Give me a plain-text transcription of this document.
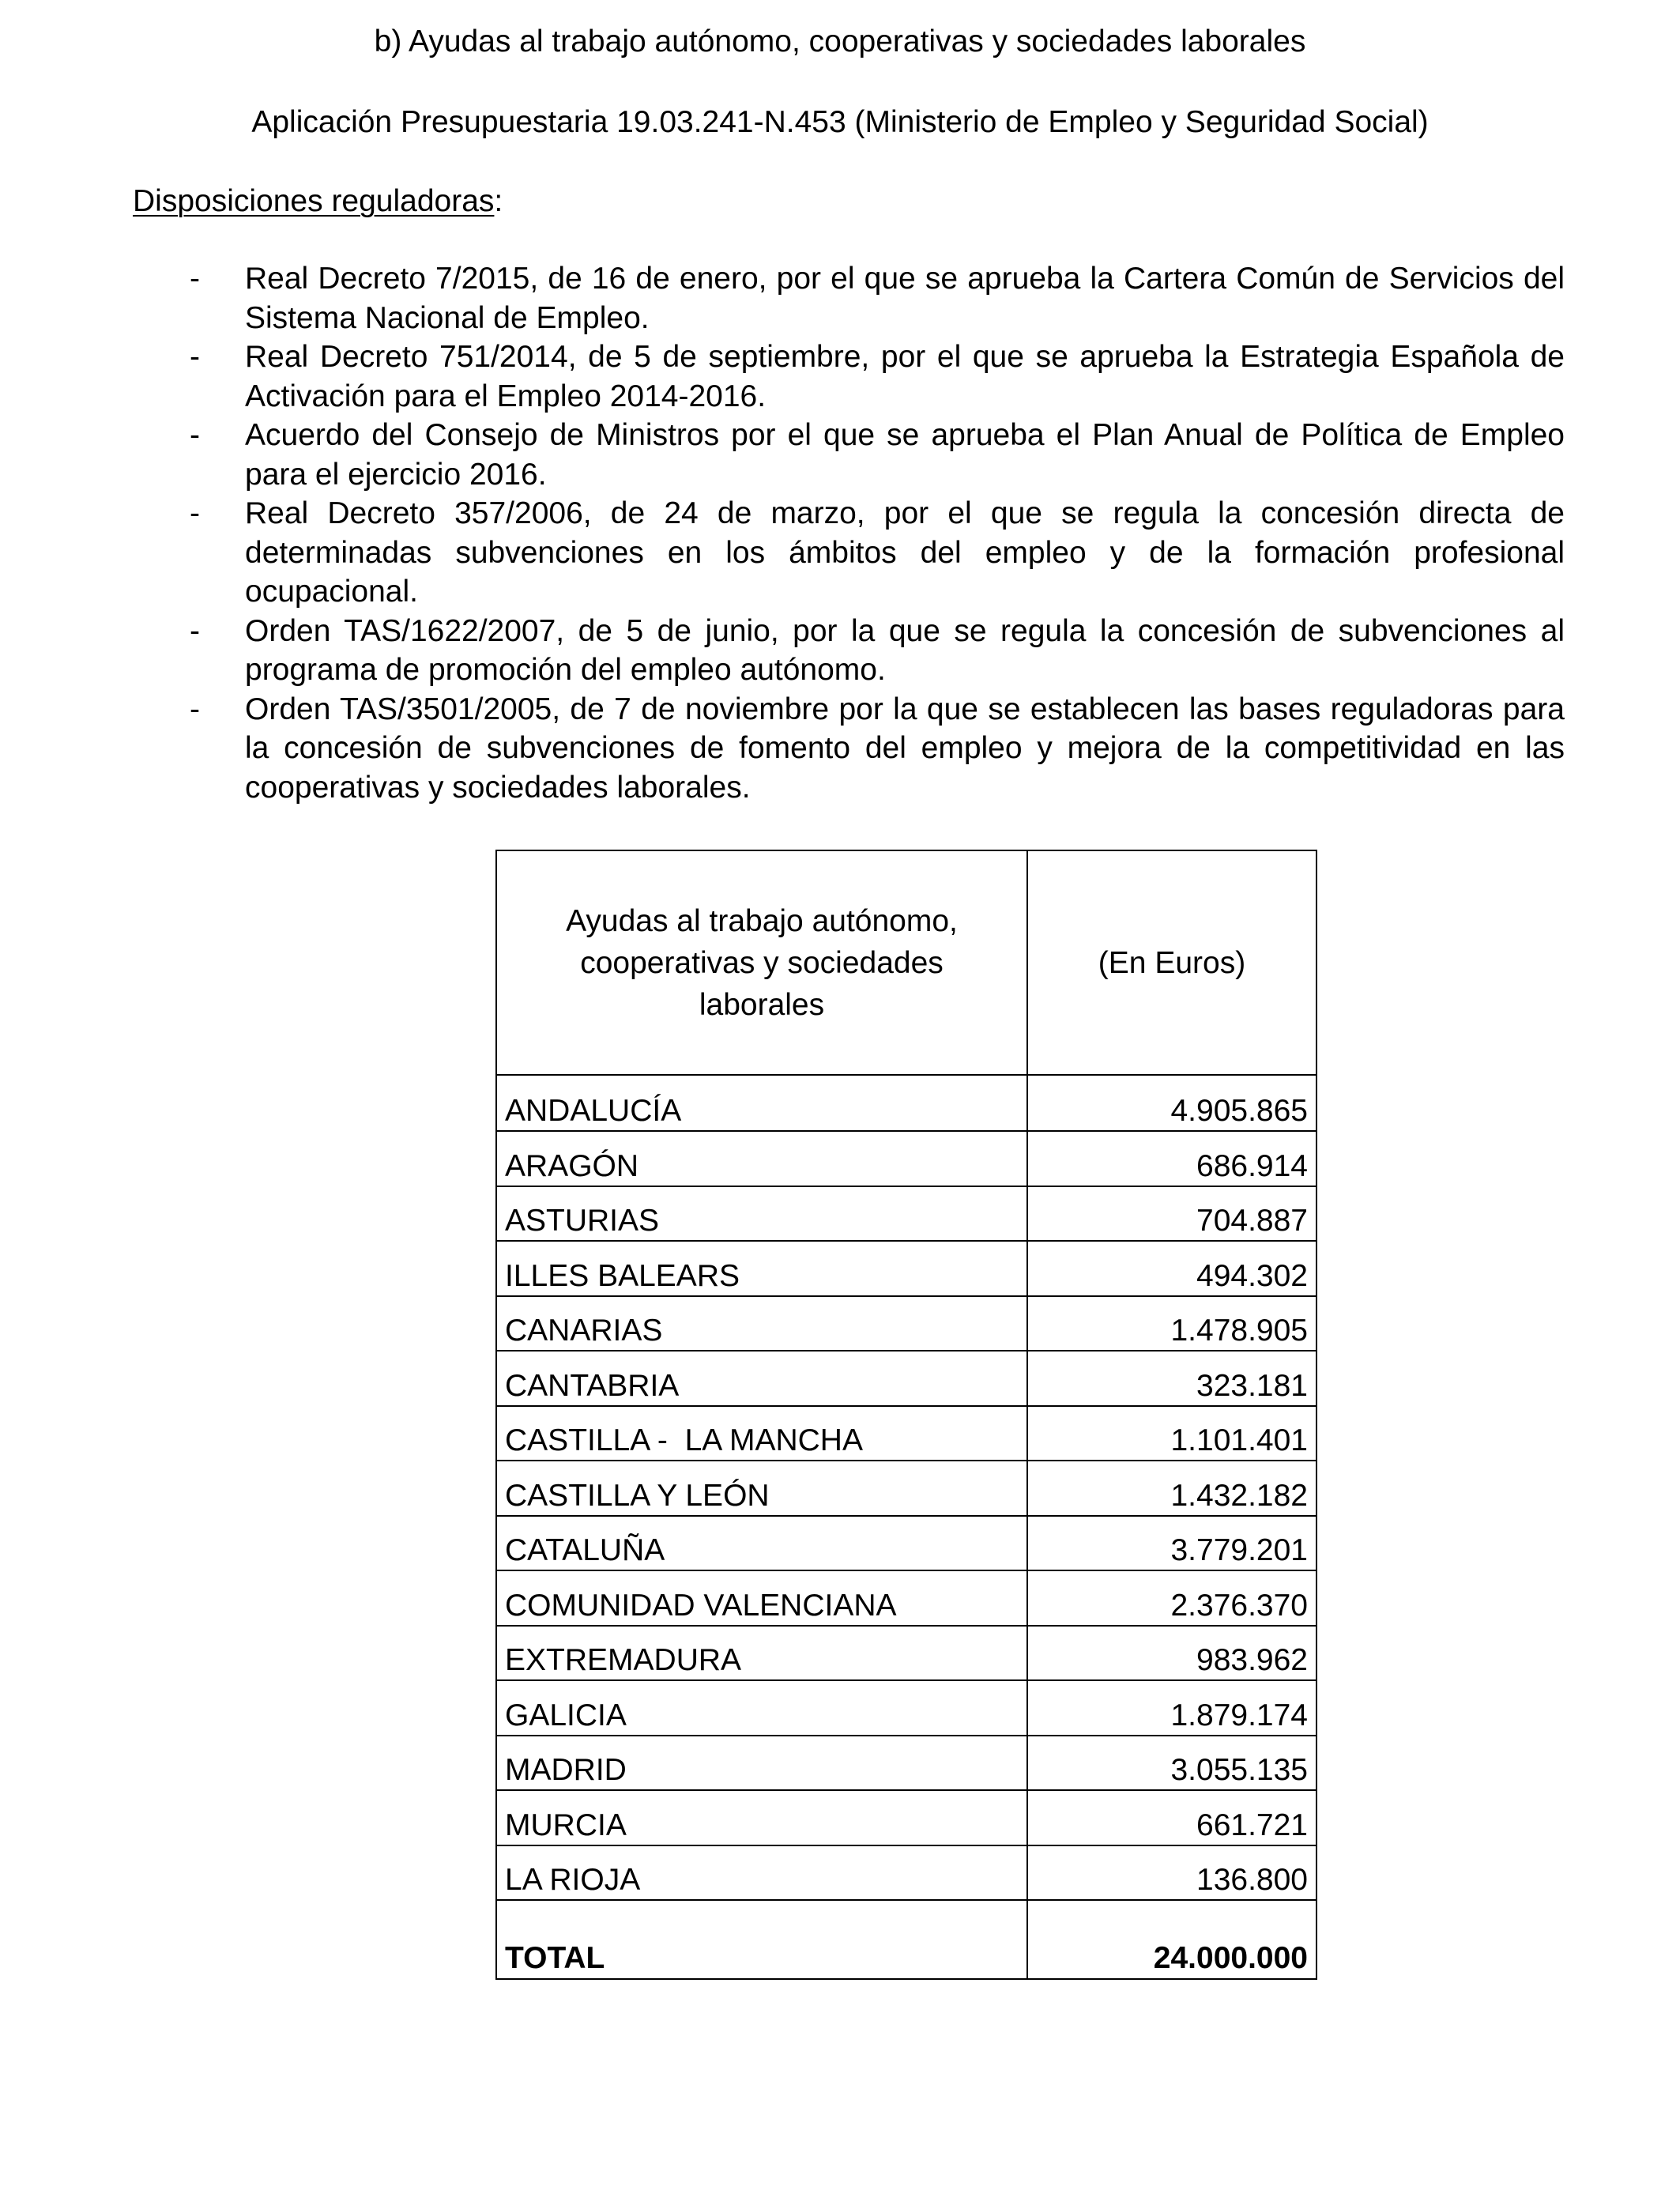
b) Ayudas al trabajo autónomo, cooperativas y sociedades laborales
Aplicación Presupuestaria 19.03.241-N.453 (Ministerio de Empleo y Seguridad Social)
Disposiciones reguladoras:
- Real Decreto 7/2015, de 16 de enero, por el que se aprueba la Cartera Común de Servicios del Sistema Nacional de Empleo.
- Real Decreto 751/2014, de 5 de septiembre, por el que se aprueba la Estrategia Española de Activación para el Empleo 2014-2016.
- Acuerdo del Consejo de Ministros por el que se aprueba el Plan Anual de Política de Empleo para el ejercicio 2016.
- Real Decreto 357/2006, de 24 de marzo, por el que se regula la concesión directa de determinadas subvenciones en los ámbitos del empleo y de la formación profesional ocupacional.
- Orden TAS/1622/2007, de 5 de junio, por la que se regula la concesión de subvenciones al programa de promoción del empleo autónomo.
- Orden TAS/3501/2005, de 7 de noviembre por la que se establecen las bases reguladoras para la concesión de subvenciones de fomento del empleo y mejora de la competitividad en las cooperativas y sociedades laborales.
Ayudas al trabajo autónomo, cooperativas y sociedades laborales	(En Euros)
ANDALUCÍA	4.905.865
ARAGÓN	686.914
ASTURIAS	704.887
ILLES BALEARS	494.302
CANARIAS	1.478.905
CANTABRIA	323.181
CASTILLA -  LA MANCHA	1.101.401
CASTILLA Y LEÓN	1.432.182
CATALUÑA	3.779.201
COMUNIDAD VALENCIANA	2.376.370
EXTREMADURA	983.962
GALICIA	1.879.174
MADRID	3.055.135
MURCIA	661.721
LA RIOJA	136.800
TOTAL	24.000.000
